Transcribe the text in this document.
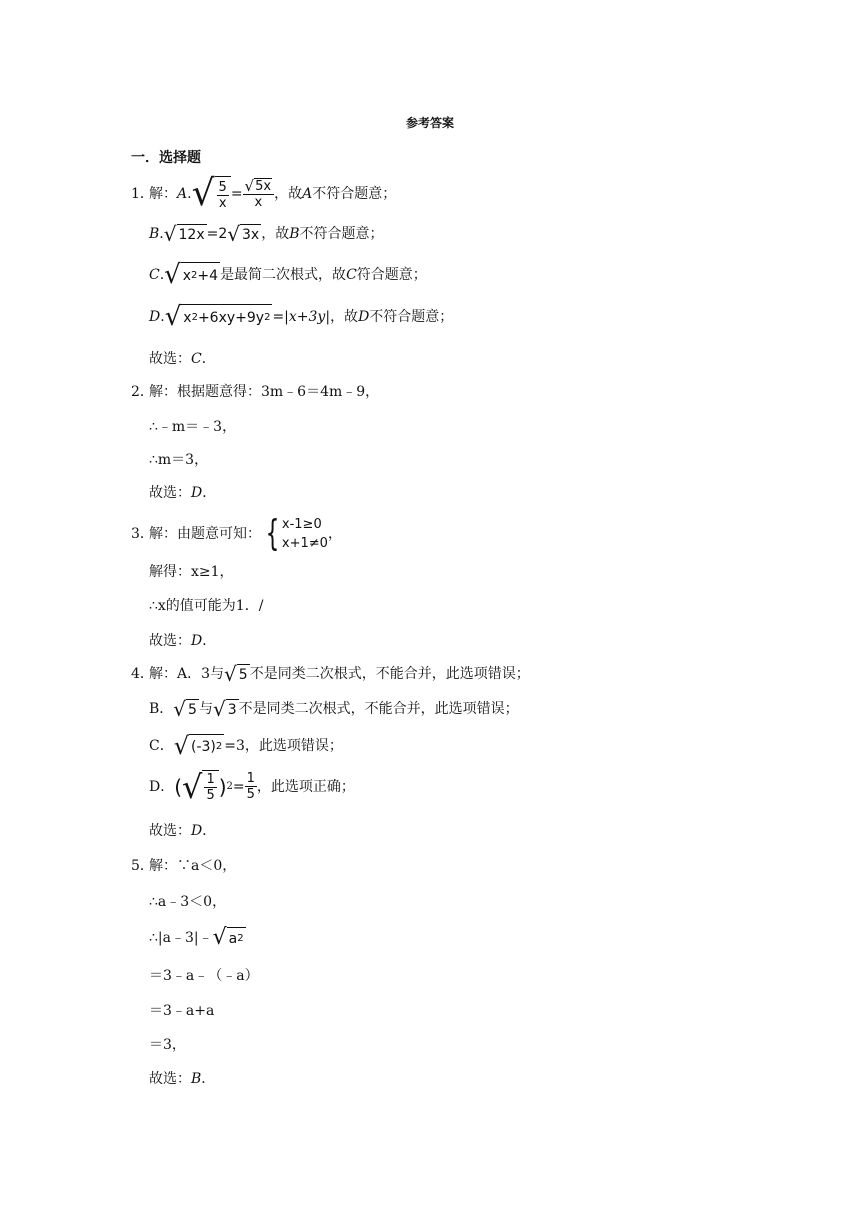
参考答案
一．选择题
1．
解： A . √ $\frac{5}{x} = \frac{√ 5x}{x}$ ，故 A 不符合题意；
B . √ 12x =2 √ 3x ，故 B 不符合题意；
C . √ x 2 +4 是最简二次根式，故 C 符合题意；
D . √ x 2 +6xy+9y 2 =|x+3y| ，故 D 不符合题意；
故选： C ．
2．
解：根据题意得：3m﹣6＝4m﹣9，
∴﹣m＝﹣3，
∴m＝3，
故选： D ．
3．
解：由题意可知： { x-1≥0
x+1≠0
，
解得：x≥1，
∴x的值可能为1．/
故选： D ．
4．
解：A．3与 √ 5 不是同类二次根式，不能合并，此选项错误；
B． √ 5 与 √ 3 不是同类二次根式，不能合并，此选项错误；
C． √ (-3) 2 =3，此选项错误；
D． ( √ $\frac{1}{5}$ ) $2 = \frac{1}{5}$ ，此选项正确；
故选： D ．
5．
解：∵a＜0，
∴a﹣3＜0，
∴|a﹣3|﹣ √ a 2
＝3﹣a﹣（﹣a）
＝3﹣a+a
＝3，
故选： B ．
